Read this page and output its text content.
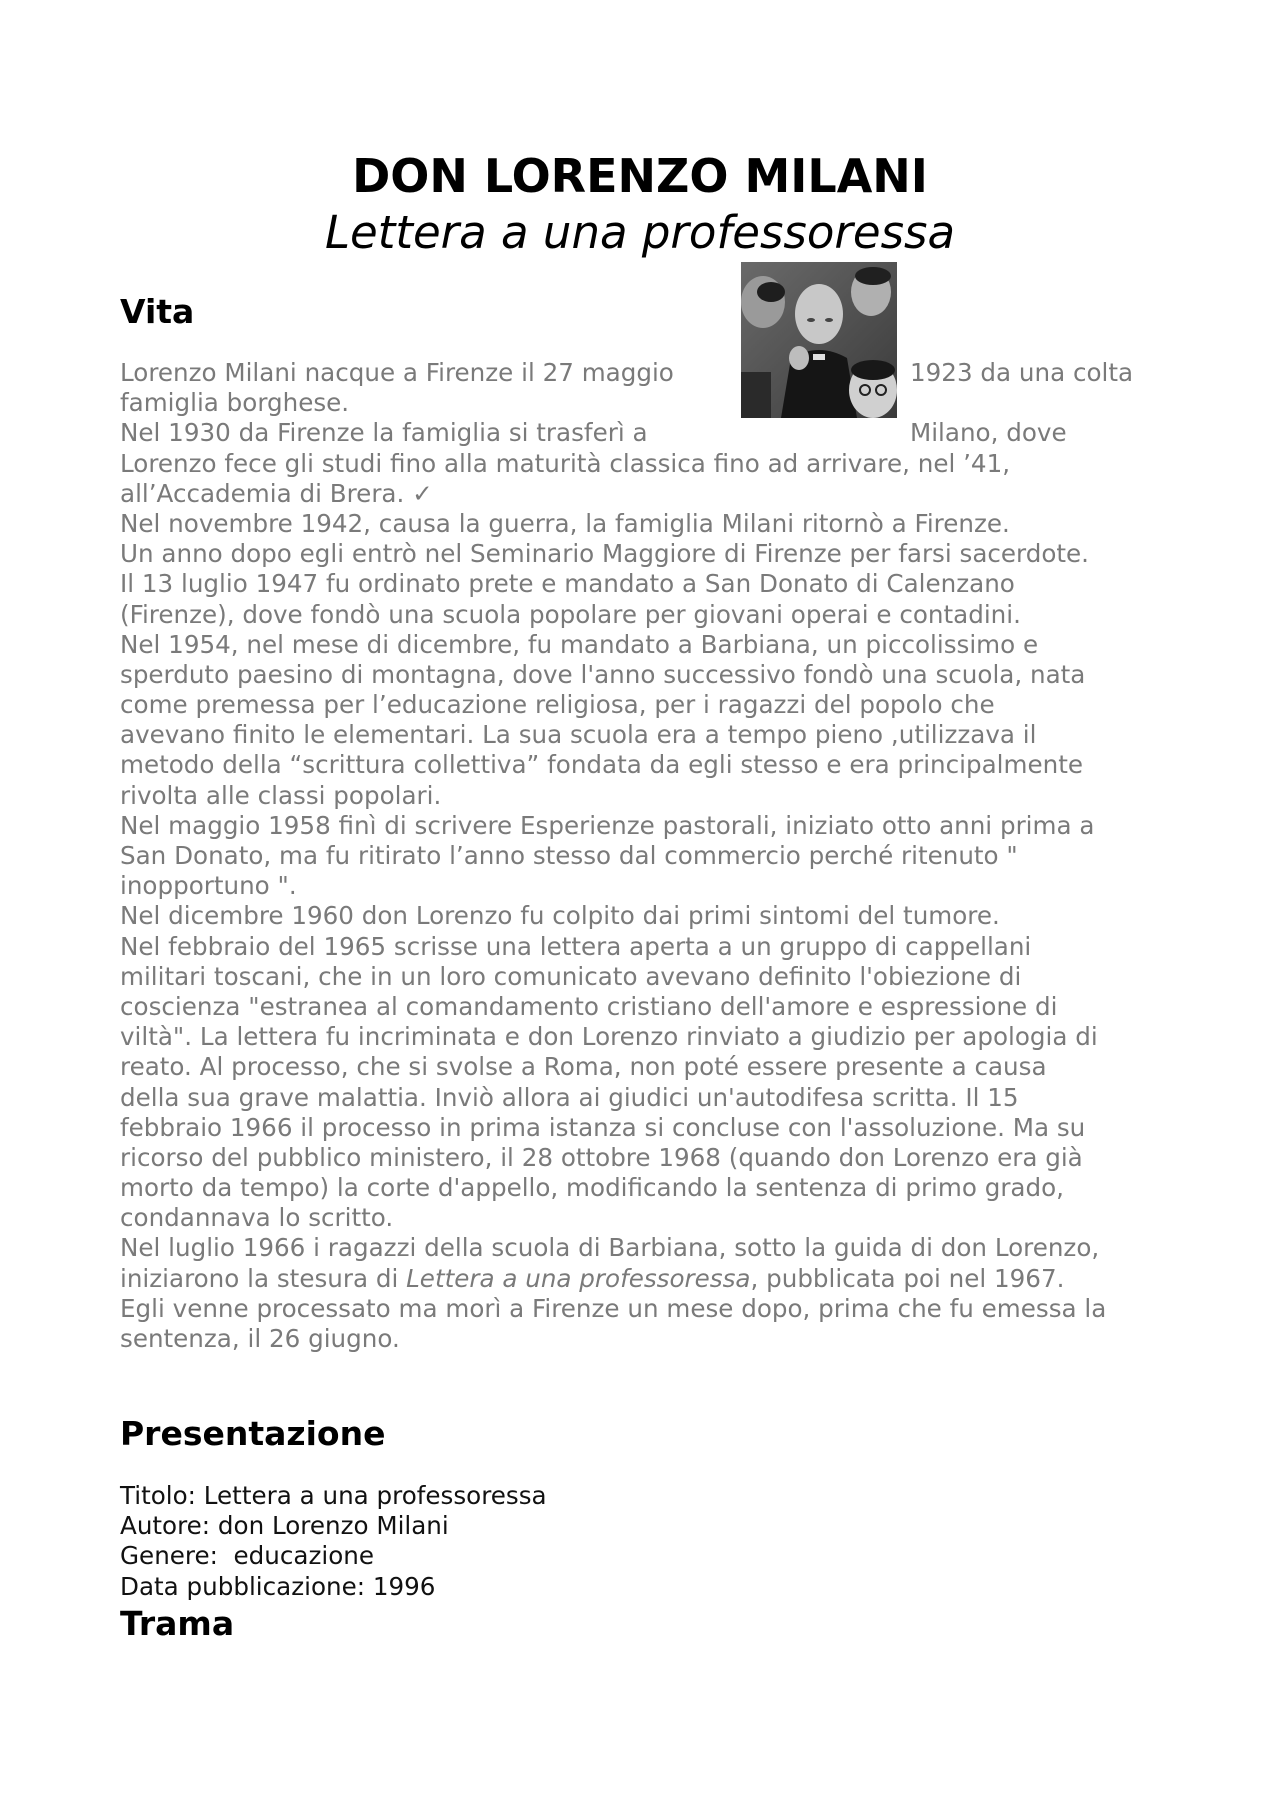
DON LORENZO MILANI
Lettera a una professoressa
Vita
Lorenzo Milani nacque a Firenze il 27 maggio	1923 da una colta
famiglia borghese.
Nel 1930 da Firenze la famiglia si trasferì a	Milano, dove
Lorenzo fece gli studi fino alla maturità classica fino ad arrivare, nel ’41,
all’Accademia di Brera. ✓
Nel novembre 1942, causa la guerra, la famiglia Milani ritornò a Firenze.
Un anno dopo egli entrò nel Seminario Maggiore di Firenze per farsi sacerdote.
Il 13 luglio 1947 fu ordinato prete e mandato a San Donato di Calenzano
(Firenze), dove fondò una scuola popolare per giovani operai e contadini.
Nel 1954, nel mese di dicembre, fu mandato a Barbiana, un piccolissimo e
sperduto paesino di montagna, dove l'anno successivo fondò una scuola, nata
come premessa per l’educazione religiosa, per i ragazzi del popolo che
avevano finito le elementari. La sua scuola era a tempo pieno ,utilizzava il
metodo della “scrittura collettiva” fondata da egli stesso e era principalmente
rivolta alle classi popolari.
Nel maggio 1958 finì di scrivere Esperienze pastorali, iniziato otto anni prima a
San Donato, ma fu ritirato l’anno stesso dal commercio perché ritenuto "
inopportuno ".
Nel dicembre 1960 don Lorenzo fu colpito dai primi sintomi del tumore.
Nel febbraio del 1965 scrisse una lettera aperta a un gruppo di cappellani
militari toscani, che in un loro comunicato avevano definito l'obiezione di
coscienza "estranea al comandamento cristiano dell'amore e espressione di
viltà". La lettera fu incriminata e don Lorenzo rinviato a giudizio per apologia di
reato. Al processo, che si svolse a Roma, non poté essere presente a causa
della sua grave malattia. Inviò allora ai giudici un'autodifesa scritta. Il 15
febbraio 1966 il processo in prima istanza si concluse con l'assoluzione. Ma su
ricorso del pubblico ministero, il 28 ottobre 1968 (quando don Lorenzo era già
morto da tempo) la corte d'appello, modificando la sentenza di primo grado,
condannava lo scritto.
Nel luglio 1966 i ragazzi della scuola di Barbiana, sotto la guida di don Lorenzo,
iniziarono la stesura di Lettera a una professoressa, pubblicata poi nel 1967.
Egli venne processato ma morì a Firenze un mese dopo, prima che fu emessa la
sentenza, il 26 giugno.
Presentazione
Titolo: Lettera a una professoressa
Autore: don Lorenzo Milani
Genere:  educazione
Data pubblicazione: 1996
Trama
